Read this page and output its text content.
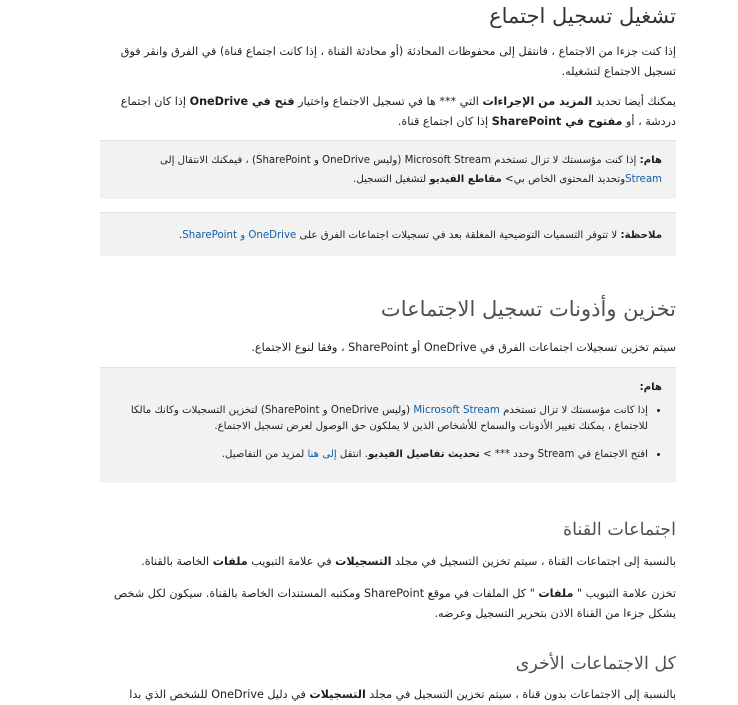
تشغيل تسجيل اجتماع

إذا كنت جزءا من الاجتماع ، فانتقل إلى محفوظات المحادثة (أو محادثة القناة ، إذا كانت اجتماع قناة) في الفرق وانقر فوق تسجيل الاجتماع لتشغيله.

يمكنك أيضا تحديد المزيد من الإجراءات التي *** ها في تسجيل الاجتماع واختيار فتح في OneDrive إذا كان اجتماع دردشة ، أو مفتوح في SharePoint إذا كان اجتماع قناة.

هام: إذا كنت مؤسستك لا تزال تستخدم Microsoft Stream (وليس OneDrive و SharePoint) ، فيمكنك الانتقال إلى Streamوتحديد المحتوى الخاص بي> مقاطع الفيديو لتشغيل التسجيل.

ملاحظة: لا تتوفر التسميات التوضيحية المغلقة بعد في تسجيلات اجتماعات الفرق على OneDrive و SharePoint.

تخزين وأذونات تسجيل الاجتماعات

سيتم تخزين تسجيلات اجتماعات الفرق في OneDrive أو SharePoint ، وفقا لنوع الاجتماع.

هام:

• إذا كانت مؤسستك لا تزال تستخدم Microsoft Stream (وليس OneDrive و SharePoint) لتخزين التسجيلات وكانك مالكا للاجتماع ، يمكنك تغيير الأذونات والسماح للأشخاص الذين لا يملكون حق الوصول لعرض تسجيل الاجتماع.
• افتح الاجتماع في Stream وحدد *** > تحديث تفاصيل الفيديو. انتقل إلى هنا لمزيد من التفاصيل.
اجتماعات القناة

بالنسبة إلى اجتماعات القناة ، سيتم تخزين التسجيل في مجلد التسجيلات في علامة التبويب ملفات الخاصة بالقناة.

تخزن علامة التبويب " ملفات " كل الملفات في موقع SharePoint ومكتبه المستندات الخاصة بالقناة. سيكون لكل شخص يشكل جزءا من القناة الاذن بتحرير التسجيل وعرضه.

كل الاجتماعات الأخرى

بالنسبة إلى الاجتماعات بدون قناة ، سيتم تخزين التسجيل في مجلد التسجيلات في دليل OneDrive للشخص الذي بدا
